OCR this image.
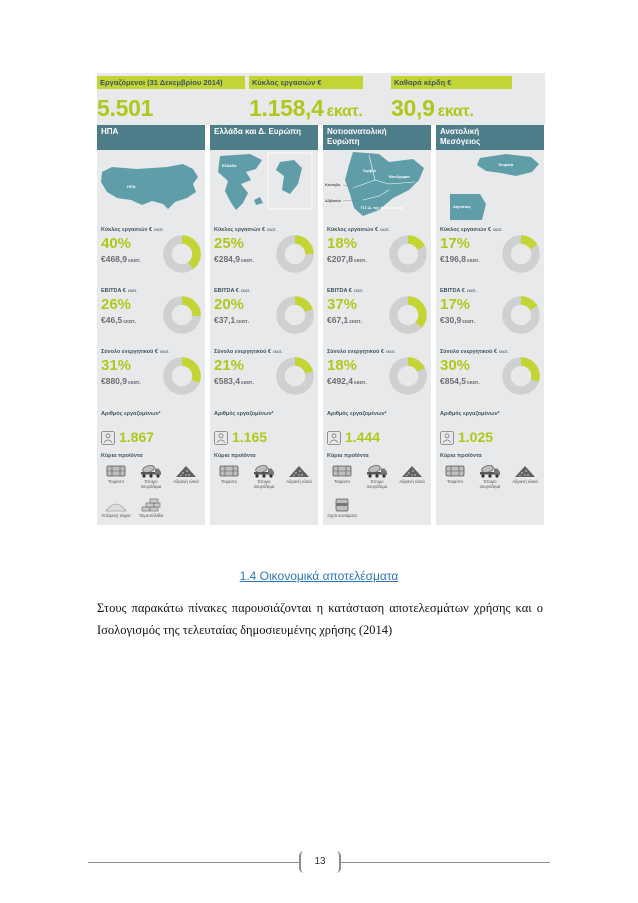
Εργαζόμενοι (31 Δεκεμβρίου 2014)
5.501
Κύκλος εργασιών €
1.158,4 εκατ.
Καθαρά κέρδη €
30,9 εκατ.
ΗΠΑ
ΗΠΑ
Κύκλος εργασιών € εκατ.
40%
€468,9εκατ.
EBITDA € εκατ.
26%
€46,5εκατ.
Σύνολο ενεργητικού € εκατ.
31%
€880,9εκατ.
Αριθμός εργαζομένων²
1.867
Κύρια προϊόντα
Τσιμέντο	Έτοιμο σκυρόδεμα
Αδρανή υλικά
Ιπτάμενη τέφρα	Τσιμεντόλιθοι
Ελλάδα και Δ. Ευρώπη
Ελλάδα
Κύκλος εργασιών € εκατ.
25%
€284,9εκατ.
EBITDA € εκατ.
20%
€37,1εκατ.
Σύνολο ενεργητικού € εκατ.
21%
€583,4εκατ.
Αριθμός εργαζομένων²
1.165
Κύρια προϊόντα
Τσιμέντο	Έτοιμο σκυρόδεμα
Αδρανή υλικά
Νοτιοανατολική
Ευρώπη
Σερβία
Βουλγαρία
Κόσοβο
Αλβανία
Π.Γ.Δ. της Μακεδονίας
Κύκλος εργασιών € εκατ.
18%
€207,8εκατ.
EBITDA € εκατ.
37%
€67,1εκατ.
Σύνολο ενεργητικού € εκατ.
18%
€492,4εκατ.
Αριθμός εργαζομένων²
1.444
Κύρια προϊόντα
Τσιμέντο	Έτοιμο σκυρόδεμα
Αδρανή υλικά
Ξηρά κονιάματα
Ανατολική
Μεσόγειος
Τουρκία
Αίγυπτος
Κύκλος εργασιών € εκατ.
17%
€196,8εκατ.
EBITDA € εκατ.
17%
€30,9εκατ.
Σύνολο ενεργητικού € εκατ.
30%
€854,5εκατ.
Αριθμός εργαζομένων²
1.025
Κύρια προϊόντα
Τσιμέντο	Έτοιμο σκυρόδεμα
Αδρανή υλικά
1.4 Οικονομικά αποτελέσματα
Στους παρακάτω πίνακες παρουσιάζονται η κατάσταση αποτελεσμάτων χρήσης και ο
Ισολογισμός της τελευταίας δημοσιευμένης χρήσης (2014)
13
